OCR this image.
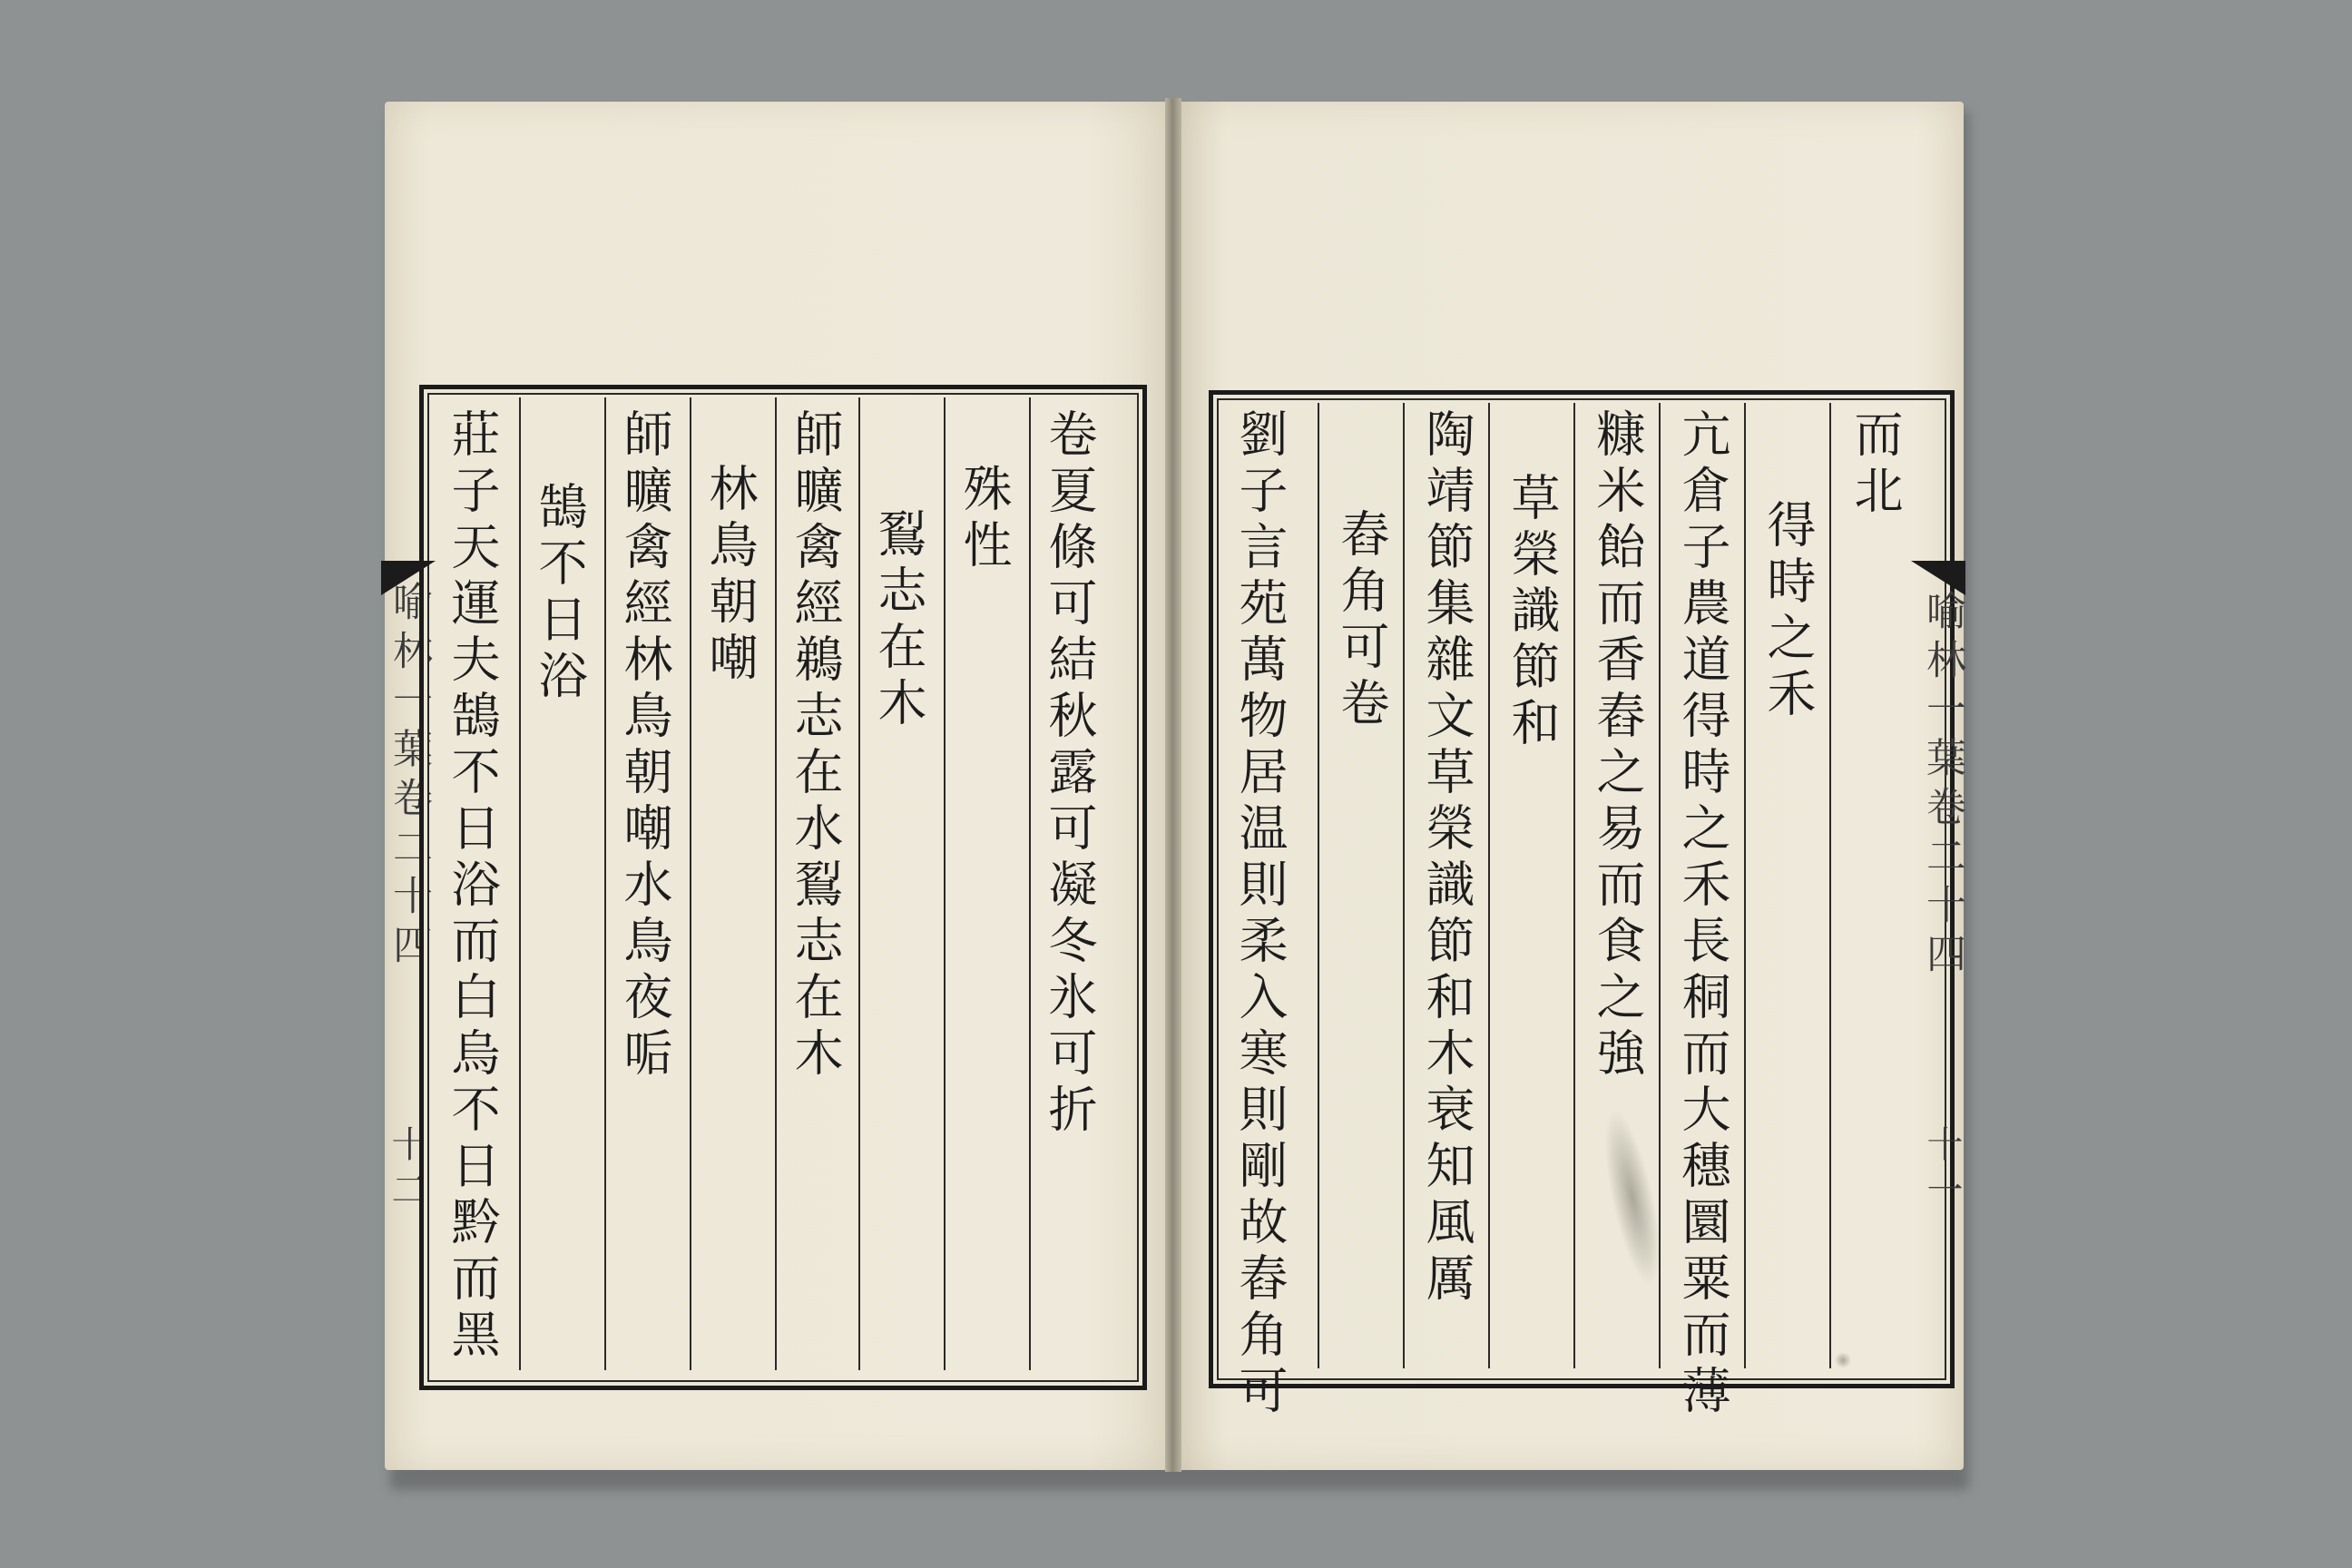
喻林一葉卷二十四
十二
卷夏條可結秋露可凝冬氷可折
殊性
鴷志在木
師曠禽經鵜志在水鴷志在木
林鳥朝嘲
師曠禽經林鳥朝嘲水鳥夜㖃
鵠不日浴
莊子天運夫鵠不日浴而白烏不日黔而黑	而北
得時之禾
亢倉子農道得時之禾長秱而大穗圜粟而薄
糠米飴而香舂之易而食之強
草榮識節和
陶靖節集雜文草榮識節和木衰知風厲
舂角可卷
劉子言苑萬物居温則柔入寒則剛故舂角可	喻林一葉卷二十四
十一
